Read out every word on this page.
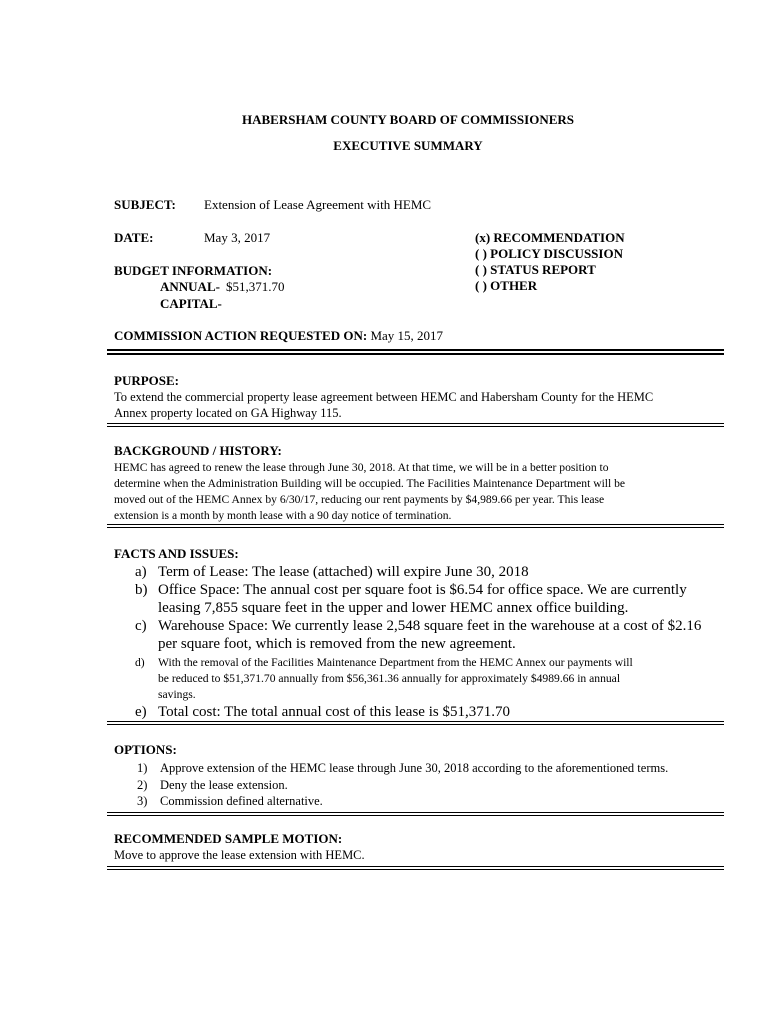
HABERSHAM COUNTY BOARD OF COMMISSIONERS
EXECUTIVE SUMMARY
SUBJECT: Extension of Lease Agreement with HEMC
DATE:	May 3, 2017	(x) RECOMMENDATION
( ) POLICY DISCUSSION
( ) STATUS REPORT
( ) OTHER
BUDGET INFORMATION:
ANNUAL- $51,371.70
CAPITAL-
COMMISSION ACTION REQUESTED ON: May 15, 2017
PURPOSE:
To extend the commercial property lease agreement between HEMC and Habersham County for the HEMC
Annex property located on GA Highway 115.
BACKGROUND / HISTORY:
HEMC has agreed to renew the lease through June 30, 2018. At that time, we will be in a better position to
determine when the Administration Building will be occupied. The Facilities Maintenance Department will be
moved out of the HEMC Annex by 6/30/17, reducing our rent payments by $4,989.66 per year. This lease
extension is a month by month lease with a 90 day notice of termination.
FACTS AND ISSUES:
a) Term of Lease: The lease (attached) will expire June 30, 2018
b) Office Space: The annual cost per square foot is $6.54 for office space. We are currently
leasing 7,855 square feet in the upper and lower HEMC annex office building.
c) Warehouse Space: We currently lease 2,548 square feet in the warehouse at a cost of $2.16
per square foot, which is removed from the new agreement.
d) With the removal of the Facilities Maintenance Department from the HEMC Annex our payments will
be reduced to $51,371.70 annually from $56,361.36 annually for approximately $4989.66 in annual
savings.
e) Total cost: The total annual cost of this lease is $51,371.70
OPTIONS:
1) Approve extension of the HEMC lease through June 30, 2018 according to the aforementioned terms.
2) Deny the lease extension.
3) Commission defined alternative.
RECOMMENDED SAMPLE MOTION:
Move to approve the lease extension with HEMC.
